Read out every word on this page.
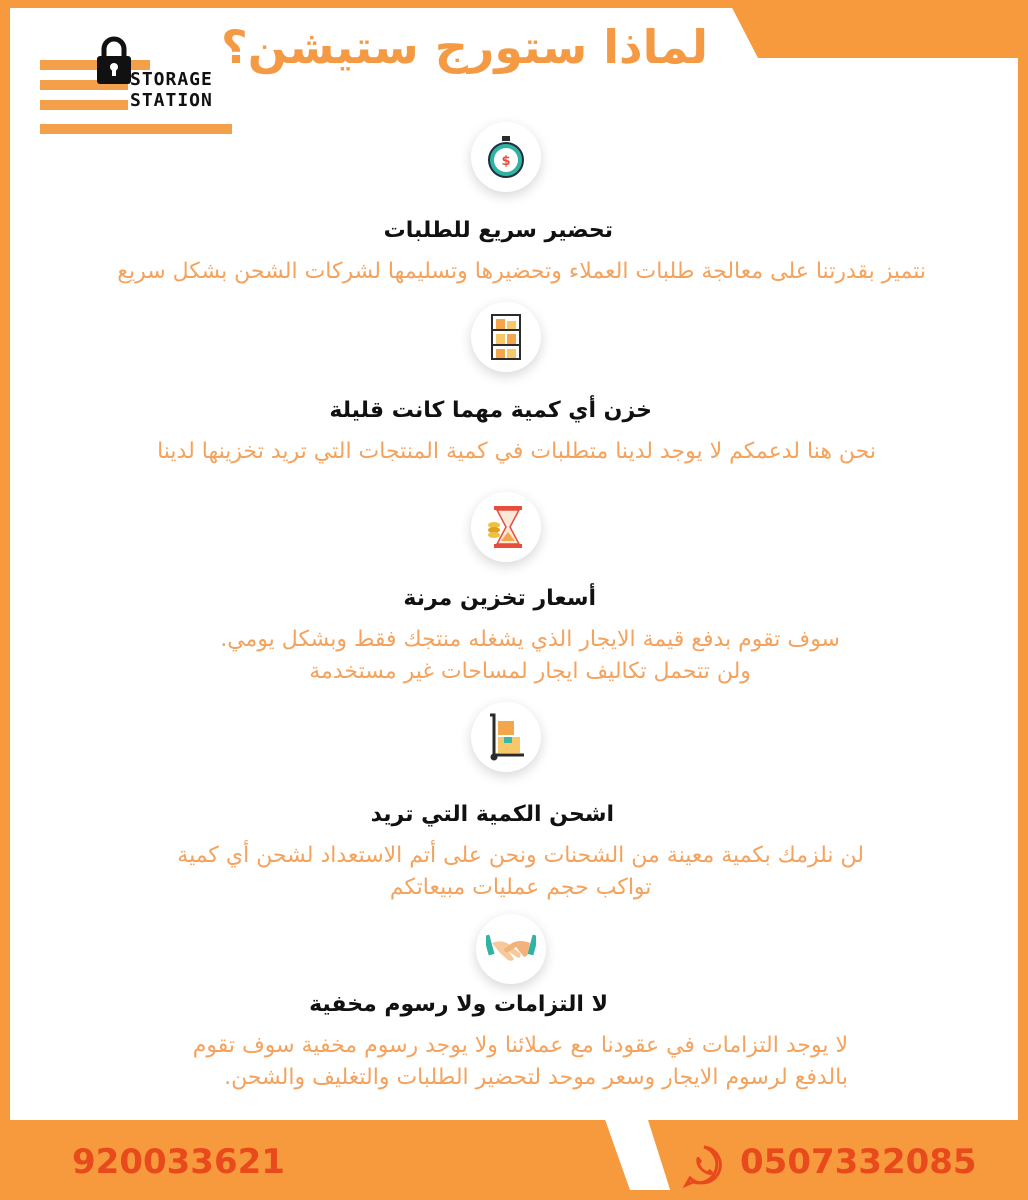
STORAGE
STATION
لماذا ستورج ستيشن؟
$
تحضير سريع للطلبات
نتميز بقدرتنا على معالجة طلبات العملاء وتحضيرها وتسليمها لشركات الشحن بشكل سريع
خزن أي كمية مهما كانت قليلة
نحن هنا لدعمكم لا يوجد لدينا متطلبات في كمية المنتجات التي تريد تخزينها لدينا
أسعار تخزين مرنة
سوف تقوم بدفع قيمة الايجار الذي يشغله منتجك فقط وبشكل يومي.
ولن تتحمل تكاليف ايجار لمساحات غير مستخدمة
اشحن الكمية التي تريد
لن نلزمك بكمية معينة من الشحنات ونحن على أتم الاستعداد لشحن أي كمية
تواكب حجم عمليات مبيعاتكم
لا التزامات ولا رسوم مخفية
لا يوجد التزامات في عقودنا مع عملائنا ولا يوجد رسوم مخفية سوف تقوم
بالدفع لرسوم الايجار وسعر موحد لتحضير الطلبات والتغليف والشحن.
920033621	0507332085
